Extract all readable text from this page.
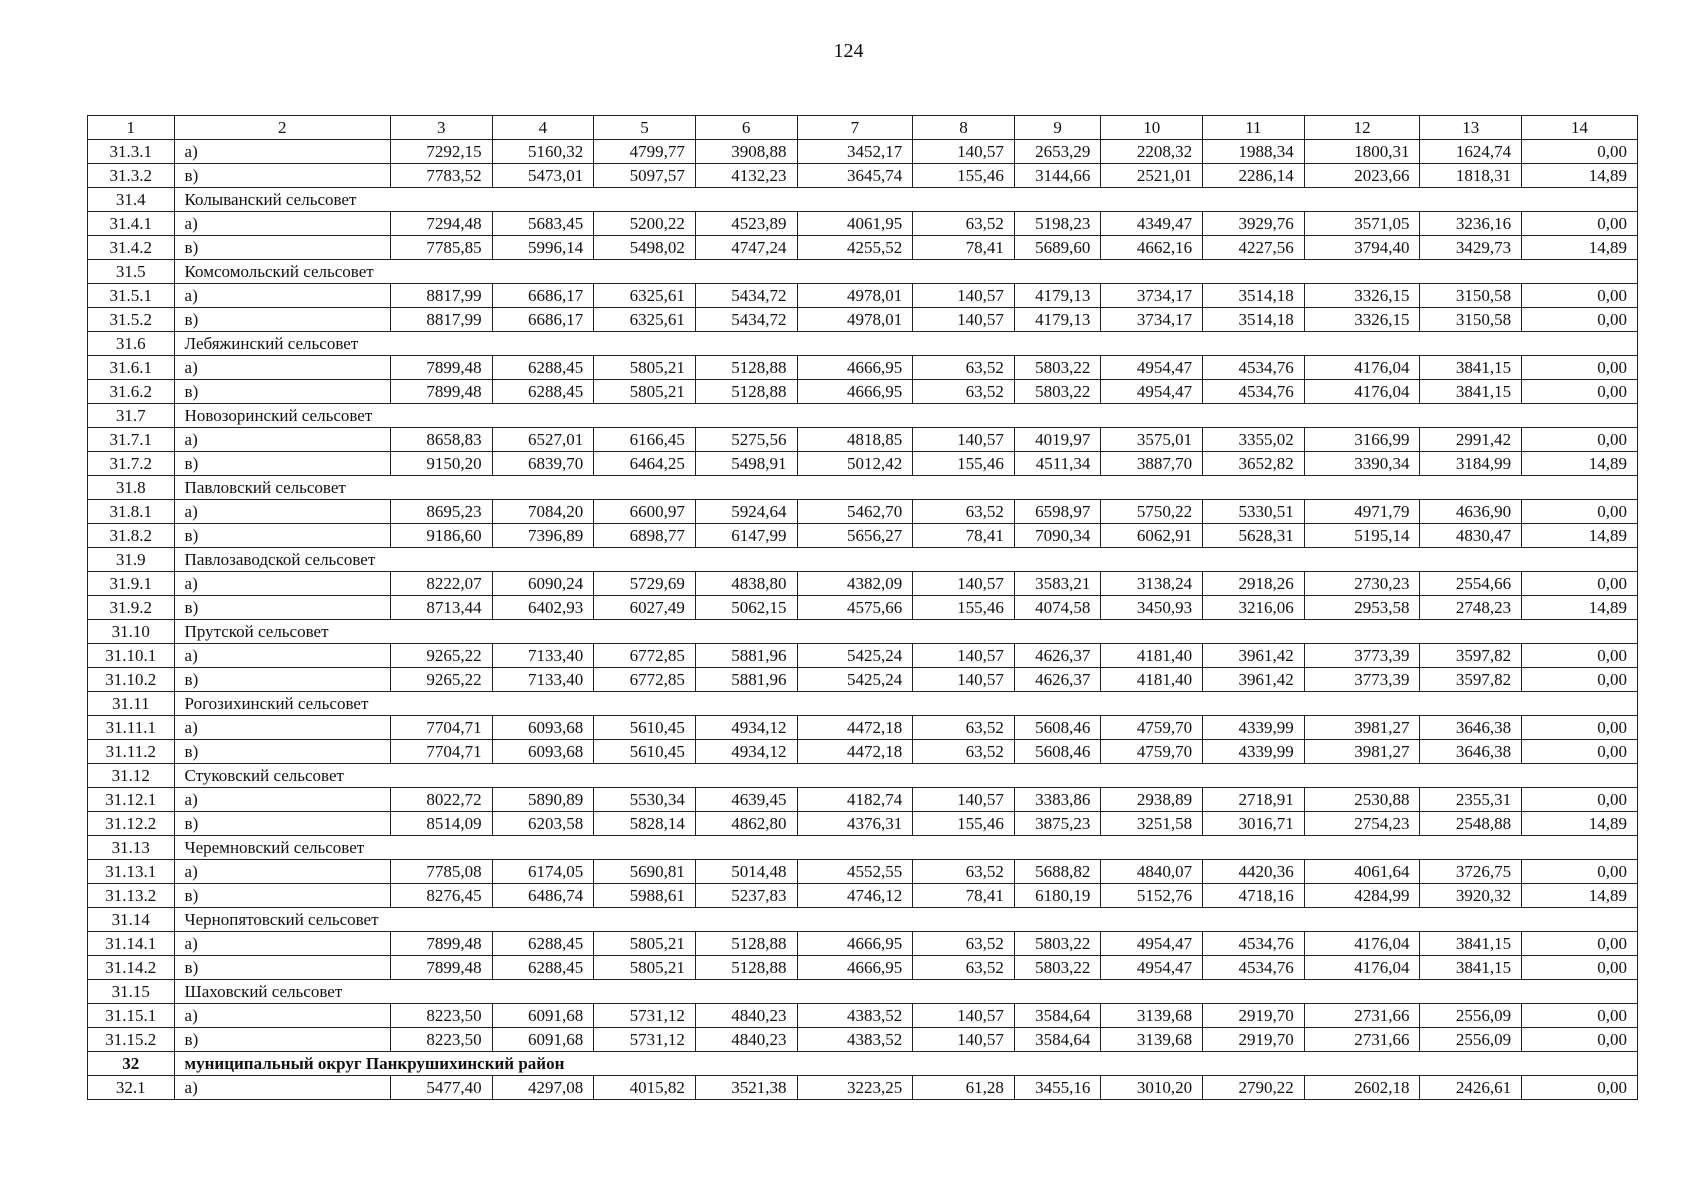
124
1	2	3	4	5	6	7	8	9	10	11	12	13	14
31.3.1	а)	7292,15	5160,32	4799,77	3908,88	3452,17	140,57	2653,29	2208,32	1988,34	1800,31	1624,74	0,00
31.3.2	в)	7783,52	5473,01	5097,57	4132,23	3645,74	155,46	3144,66	2521,01	2286,14	2023,66	1818,31	14,89
31.4	Колыванский сельсовет												
31.4.1	а)	7294,48	5683,45	5200,22	4523,89	4061,95	63,52	5198,23	4349,47	3929,76	3571,05	3236,16	0,00
31.4.2	в)	7785,85	5996,14	5498,02	4747,24	4255,52	78,41	5689,60	4662,16	4227,56	3794,40	3429,73	14,89
31.5	Комсомольский сельсовет												
31.5.1	а)	8817,99	6686,17	6325,61	5434,72	4978,01	140,57	4179,13	3734,17	3514,18	3326,15	3150,58	0,00
31.5.2	в)	8817,99	6686,17	6325,61	5434,72	4978,01	140,57	4179,13	3734,17	3514,18	3326,15	3150,58	0,00
31.6	Лебяжинский сельсовет												
31.6.1	а)	7899,48	6288,45	5805,21	5128,88	4666,95	63,52	5803,22	4954,47	4534,76	4176,04	3841,15	0,00
31.6.2	в)	7899,48	6288,45	5805,21	5128,88	4666,95	63,52	5803,22	4954,47	4534,76	4176,04	3841,15	0,00
31.7	Новозоринский сельсовет												
31.7.1	а)	8658,83	6527,01	6166,45	5275,56	4818,85	140,57	4019,97	3575,01	3355,02	3166,99	2991,42	0,00
31.7.2	в)	9150,20	6839,70	6464,25	5498,91	5012,42	155,46	4511,34	3887,70	3652,82	3390,34	3184,99	14,89
31.8	Павловский сельсовет												
31.8.1	а)	8695,23	7084,20	6600,97	5924,64	5462,70	63,52	6598,97	5750,22	5330,51	4971,79	4636,90	0,00
31.8.2	в)	9186,60	7396,89	6898,77	6147,99	5656,27	78,41	7090,34	6062,91	5628,31	5195,14	4830,47	14,89
31.9	Павлозаводской сельсовет												
31.9.1	а)	8222,07	6090,24	5729,69	4838,80	4382,09	140,57	3583,21	3138,24	2918,26	2730,23	2554,66	0,00
31.9.2	в)	8713,44	6402,93	6027,49	5062,15	4575,66	155,46	4074,58	3450,93	3216,06	2953,58	2748,23	14,89
31.10	Прутской сельсовет												
31.10.1	а)	9265,22	7133,40	6772,85	5881,96	5425,24	140,57	4626,37	4181,40	3961,42	3773,39	3597,82	0,00
31.10.2	в)	9265,22	7133,40	6772,85	5881,96	5425,24	140,57	4626,37	4181,40	3961,42	3773,39	3597,82	0,00
31.11	Рогозихинский сельсовет												
31.11.1	а)	7704,71	6093,68	5610,45	4934,12	4472,18	63,52	5608,46	4759,70	4339,99	3981,27	3646,38	0,00
31.11.2	в)	7704,71	6093,68	5610,45	4934,12	4472,18	63,52	5608,46	4759,70	4339,99	3981,27	3646,38	0,00
31.12	Стуковский сельсовет												
31.12.1	а)	8022,72	5890,89	5530,34	4639,45	4182,74	140,57	3383,86	2938,89	2718,91	2530,88	2355,31	0,00
31.12.2	в)	8514,09	6203,58	5828,14	4862,80	4376,31	155,46	3875,23	3251,58	3016,71	2754,23	2548,88	14,89
31.13	Черемновский сельсовет												
31.13.1	а)	7785,08	6174,05	5690,81	5014,48	4552,55	63,52	5688,82	4840,07	4420,36	4061,64	3726,75	0,00
31.13.2	в)	8276,45	6486,74	5988,61	5237,83	4746,12	78,41	6180,19	5152,76	4718,16	4284,99	3920,32	14,89
31.14	Чернопятовский сельсовет												
31.14.1	а)	7899,48	6288,45	5805,21	5128,88	4666,95	63,52	5803,22	4954,47	4534,76	4176,04	3841,15	0,00
31.14.2	в)	7899,48	6288,45	5805,21	5128,88	4666,95	63,52	5803,22	4954,47	4534,76	4176,04	3841,15	0,00
31.15	Шаховский сельсовет												
31.15.1	а)	8223,50	6091,68	5731,12	4840,23	4383,52	140,57	3584,64	3139,68	2919,70	2731,66	2556,09	0,00
31.15.2	в)	8223,50	6091,68	5731,12	4840,23	4383,52	140,57	3584,64	3139,68	2919,70	2731,66	2556,09	0,00
32	муниципальный округ Панкрушихинский район												
32.1	а)	5477,40	4297,08	4015,82	3521,38	3223,25	61,28	3455,16	3010,20	2790,22	2602,18	2426,61	0,00
